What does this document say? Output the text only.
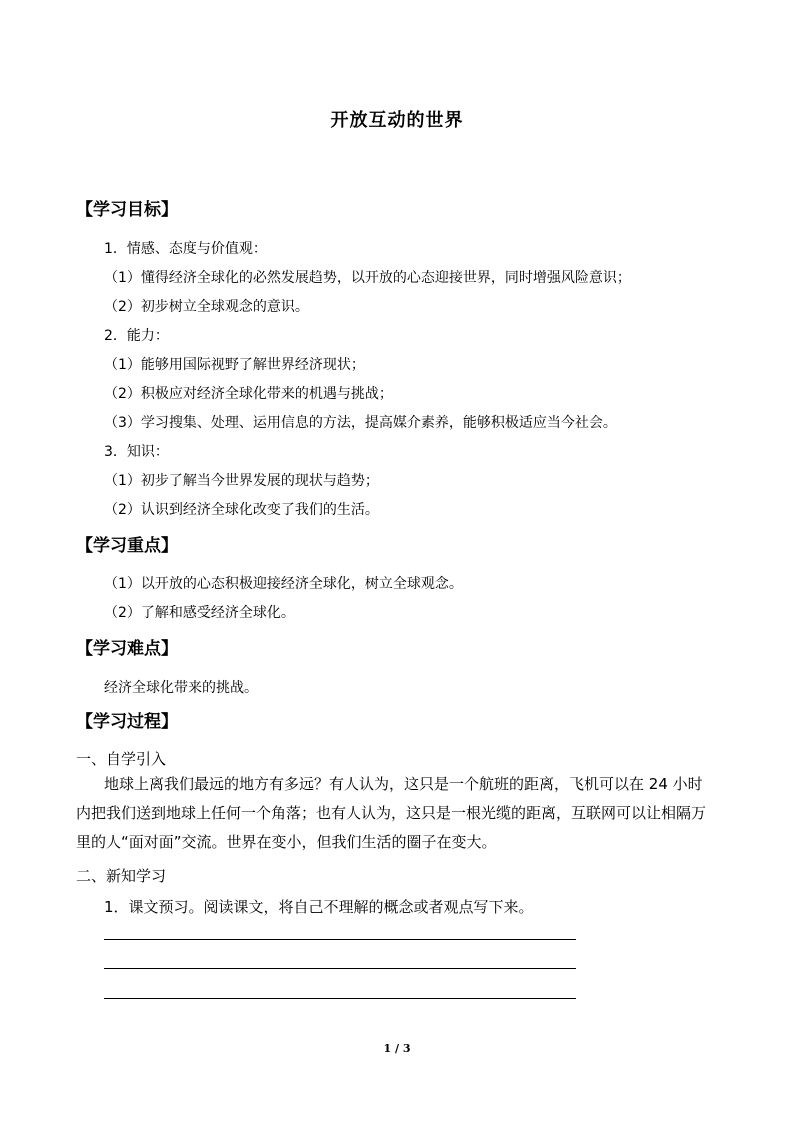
开放互动的世界
【学习目标】
1．情感、态度与价值观：
（1）懂得经济全球化的必然发展趋势，以开放的心态迎接世界，同时增强风险意识；
（2）初步树立全球观念的意识。
2．能力：
（1）能够用国际视野了解世界经济现状；
（2）积极应对经济全球化带来的机遇与挑战；
（3）学习搜集、处理、运用信息的方法，提高媒介素养，能够积极适应当今社会。
3．知识：
（1）初步了解当今世界发展的现状与趋势；
（2）认识到经济全球化改变了我们的生活。
【学习重点】
（1）以开放的心态积极迎接经济全球化，树立全球观念。
（2）了解和感受经济全球化。
【学习难点】
经济全球化带来的挑战。
【学习过程】
一、自学引入
地球上离我们最远的地方有多远？有人认为，这只是一个航班的距离，飞机可以在 24 小时内把我们送到地球上任何一个角落；也有人认为，这只是一根光缆的距离，互联网可以让相隔万里的人“面对面”交流。世界在变小，但我们生活的圈子在变大。
二、新知学习
1．课文预习。阅读课文，将自己不理解的概念或者观点写下来。
1 / 3
